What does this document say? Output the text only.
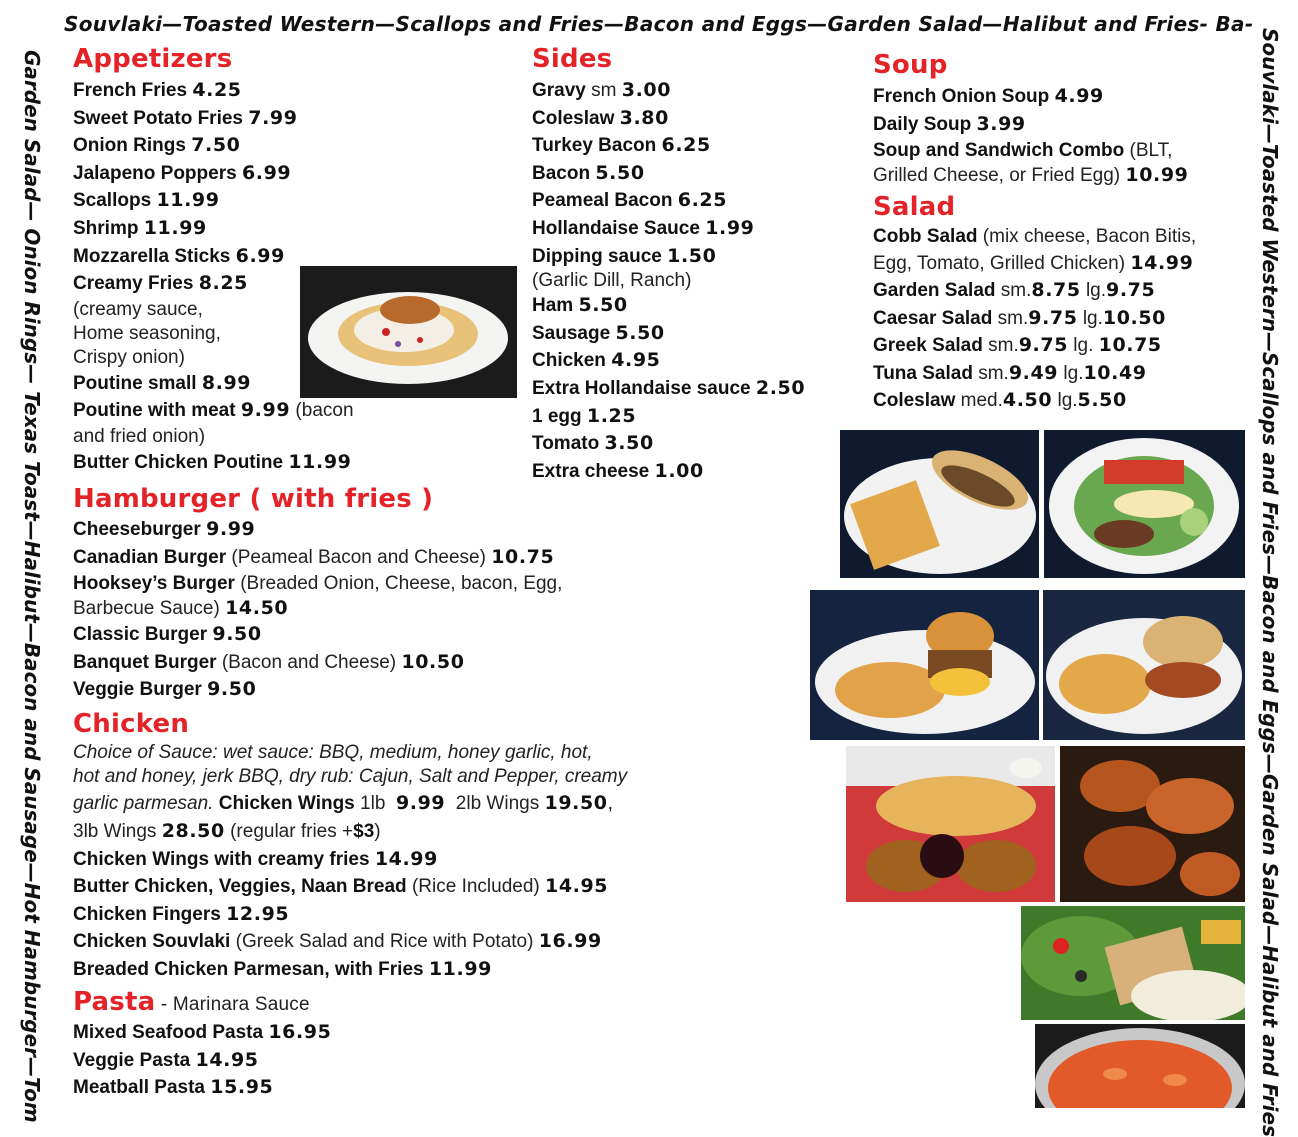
Souvlaki—Toasted Western—Scallops and Fries—Bacon and Eggs—Garden Salad—Halibut and Fries- Ba-
Garden Salad— Onion Rings— Texas Toast—Halibut—Bacon and Sausage—Hot Hamburger—Tom	Souvlaki—Toasted Western—Scallops and Fries—Bacon and Eggs—Garden Salad—Halibut and Fries
Appetizers
French Fries 4.25
Sweet Potato Fries 7.99
Onion Rings 7.50
Jalapeno Poppers 6.99
Scallops 11.99
Shrimp 11.99
Mozzarella Sticks 6.99
Creamy Fries 8.25
(creamy sauce,
Home seasoning,
Crispy onion)
Poutine small 8.99
Poutine with meat 9.99 (bacon
and fried onion)
Butter Chicken Poutine 11.99
Hamburger ( with fries )
Cheeseburger 9.99
Canadian Burger (Peameal Bacon and Cheese) 10.75
Hooksey’s Burger (Breaded Onion, Cheese, bacon, Egg,
Barbecue Sauce) 14.50
Classic Burger 9.50
Banquet Burger (Bacon and Cheese) 10.50
Veggie Burger 9.50
Chicken
Choice of Sauce: wet sauce: BBQ, medium, honey garlic, hot,
hot and honey, jerk BBQ, dry rub: Cajun, Salt and Pepper, creamy
garlic parmesan. Chicken Wings 1lb 9.99 2lb Wings 19.50,
3lb Wings 28.50 (regular fries +$3)
Chicken Wings with creamy fries 14.99
Butter Chicken, Veggies, Naan Bread (Rice Included) 14.95
Chicken Fingers 12.95
Chicken Souvlaki (Greek Salad and Rice with Potato) 16.99
Breaded Chicken Parmesan, with Fries 11.99
Pasta - Marinara Sauce
Mixed Seafood Pasta 16.95
Veggie Pasta 14.95
Meatball Pasta 15.95
Sides
Gravy sm 3.00
Coleslaw 3.80
Turkey Bacon 6.25
Bacon 5.50
Peameal Bacon 6.25
Hollandaise Sauce 1.99
Dipping sauce 1.50
(Garlic Dill, Ranch)
Ham 5.50
Sausage 5.50
Chicken 4.95
Extra Hollandaise sauce 2.50
1 egg 1.25
Tomato 3.50
Extra cheese 1.00
Soup
French Onion Soup 4.99
Daily Soup 3.99
Soup and Sandwich Combo (BLT,
Grilled Cheese, or Fried Egg) 10.99
Salad
Cobb Salad (mix cheese, Bacon Bitis,
Egg, Tomato, Grilled Chicken) 14.99
Garden Salad sm.8.75 lg.9.75
Caesar Salad sm.9.75 lg.10.50
Greek Salad sm.9.75 lg. 10.75
Tuna Salad sm.9.49 lg.10.49
Coleslaw med.4.50 lg.5.50
